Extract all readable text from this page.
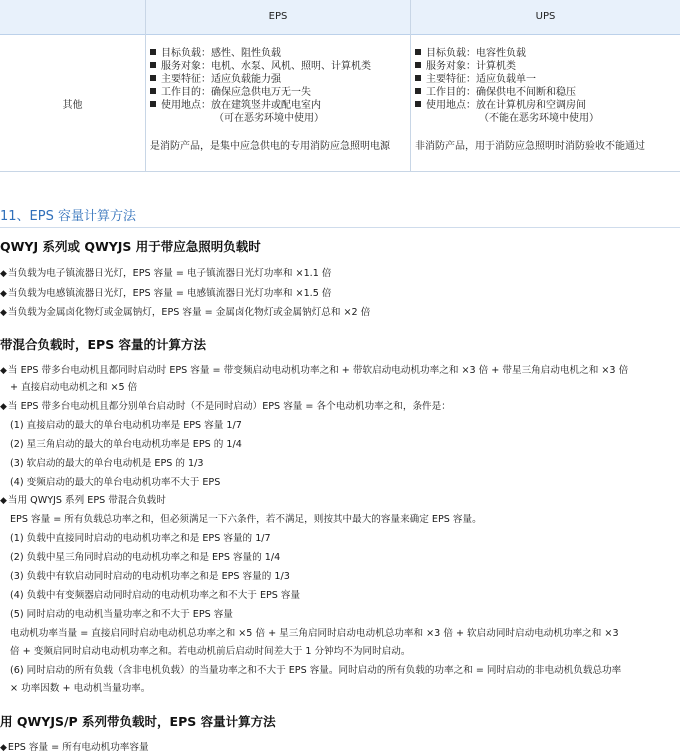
EPS	UPS
其他
目标负载：感性、阻性负载
服务对象：电机、水泵、风机、照明、计算机类
主要特征：适应负载能力强
工作目的：确保应急供电万无一失
使用地点：放在建筑竖井或配电室内
（可在恶劣环境中使用）
是消防产品，是集中应急供电的专用消防应急照明电源
目标负载：电容性负载
服务对象：计算机类
主要特征：适应负载单一
工作目的：确保供电不间断和稳压
使用地点：放在计算机房和空调房间
（不能在恶劣环境中使用）
非消防产品，用于消防应急照明时消防验收不能通过
11、EPS 容量计算方法
QWYJ 系列或 QWYJS 用于带应急照明负载时
◆当负载为电子镇流器日光灯，EPS 容量 = 电子镇流器日光灯功率和 ×1.1 倍
◆当负载为电感镇流器日光灯，EPS 容量 = 电感镇流器日光灯功率和 ×1.5 倍
◆当负载为金属卤化物灯或金属钠灯，EPS 容量 = 金属卤化物灯或金属钠灯总和 ×2 倍
带混合负载时，EPS 容量的计算方法
◆当 EPS 带多台电动机且都同时启动时 EPS 容量 = 带变频启动电动机功率之和 + 带软启动电动机功率之和 ×3 倍 + 带星三角启动电机之和 ×3 倍
+ 直接启动电动机之和 ×5 倍
◆当 EPS 带多台电动机且都分别单台启动时（不是同时启动）EPS 容量 = 各个电动机功率之和，条件是：
(1) 直接启动的最大的单台电动机功率是 EPS 容量 1/7
(2) 星三角启动的最大的单台电动机功率是 EPS 的 1/4
(3) 软启动的最大的单台电动机是 EPS 的 1/3
(4) 变频启动的最大的单台电动机功率不大于 EPS
◆当用 QWYJS 系列 EPS 带混合负载时
EPS 容量 = 所有负载总功率之和，但必须满足一下六条件，若不满足，则按其中最大的容量来确定 EPS 容量。
(1) 负载中直接同时启动的电动机功率之和是 EPS 容量的 1/7
(2) 负载中星三角同时启动的电动机功率之和是 EPS 容量的 1/4
(3) 负载中有软启动同时启动的电动机功率之和是 EPS 容量的 1/3
(4) 负载中有变频器启动同时启动的电动机功率之和不大于 EPS 容量
(5) 同时启动的电动机当量功率之和不大于 EPS 容量
电动机功率当量 = 直接启同时启动电动机总功率之和 ×5 倍 + 星三角启同时启动电动机总功率和 ×3 倍 + 软启动同时启动电动机功率之和 ×3
倍 + 变频启同时启动电动机功率之和。若电动机前后启动时间差大于 1 分钟均不为同时启动。
(6) 同时启动的所有负载（含非电机负载）的当量功率之和不大于 EPS 容量。同时启动的所有负载的功率之和 = 同时启动的非电动机负载总功率
× 功率因数 + 电动机当量功率。
用 QWYJS/P 系列带负载时，EPS 容量计算方法
◆EPS 容量 = 所有电动机功率容量
